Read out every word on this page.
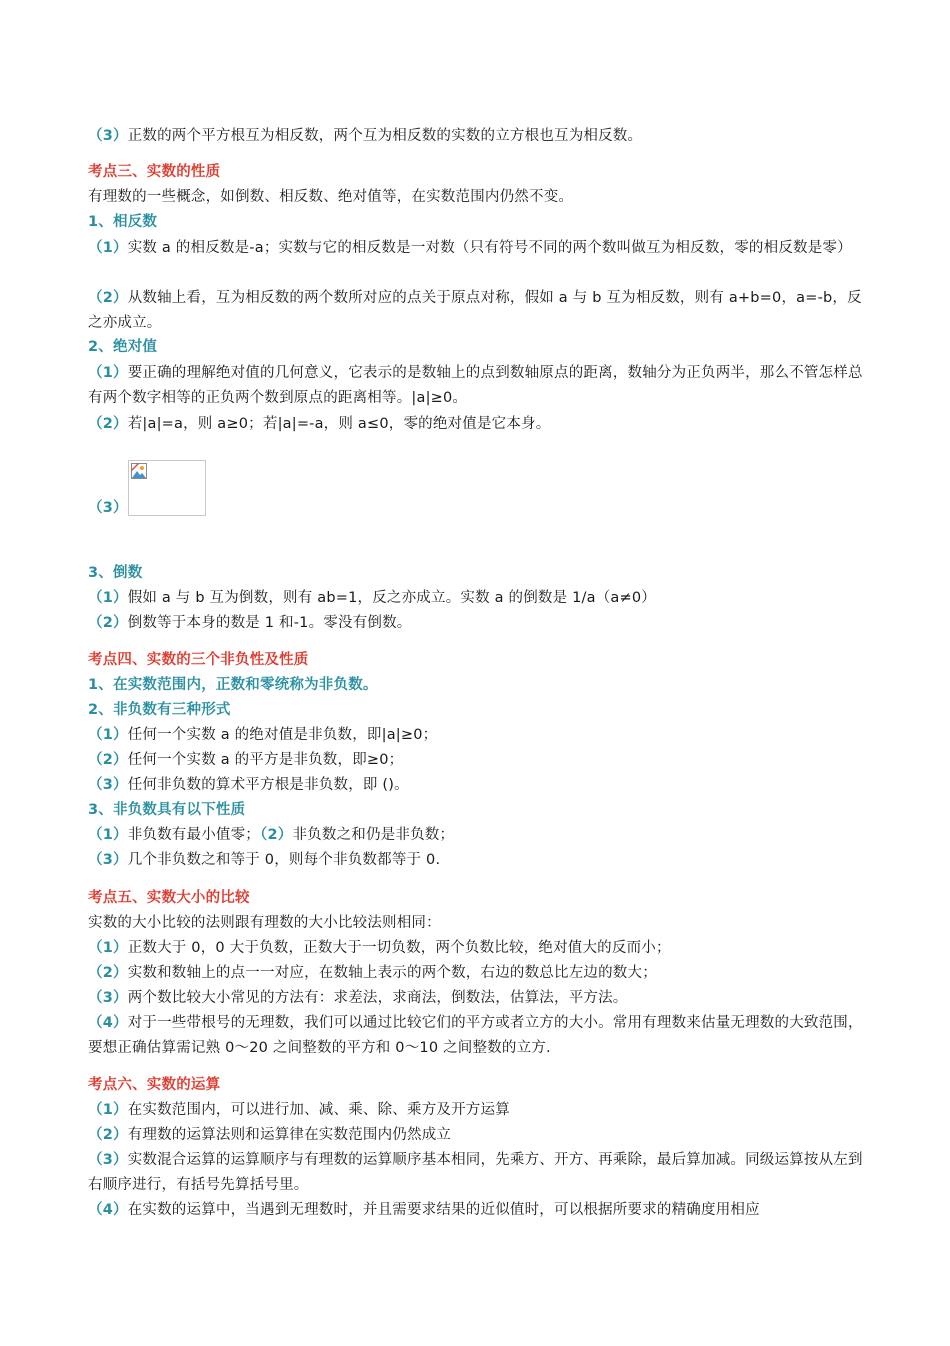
（3）正数的两个平方根互为相反数，两个互为相反数的实数的立方根也互为相反数。
考点三、实数的性质
有理数的一些概念，如倒数、相反数、绝对值等，在实数范围内仍然不变。
1、相反数
（1）实数 a 的相反数是-a；实数与它的相反数是一对数（只有符号不同的两个数叫做互为相反数，零的相反数是零）
（2）从数轴上看，互为相反数的两个数所对应的点关于原点对称，假如 a 与 b 互为相反数，则有 a+b=0，a=-b，反之亦成立。
2、绝对值
（1）要正确的理解绝对值的几何意义，它表示的是数轴上的点到数轴原点的距离，数轴分为正负两半，那么不管怎样总有两个数字相等的正负两个数到原点的距离相等。|a|≥0。
（2）若|a|=a，则 a≥0；若|a|=-a，则 a≤0，零的绝对值是它本身。
（3）
3、倒数
（1）假如 a 与 b 互为倒数，则有 ab=1，反之亦成立。实数 a 的倒数是 1/a（a≠0）
（2）倒数等于本身的数是 1 和-1。零没有倒数。
考点四、实数的三个非负性及性质
1、在实数范围内，正数和零统称为非负数。
2、非负数有三种形式
（1）任何一个实数 a 的绝对值是非负数，即|a|≥0；
（2）任何一个实数 a 的平方是非负数，即≥0；
（3）任何非负数的算术平方根是非负数，即 ()。
3、非负数具有以下性质
（1）非负数有最小值零；（2）非负数之和仍是非负数；
（3）几个非负数之和等于 0，则每个非负数都等于 0.
考点五、实数大小的比较
实数的大小比较的法则跟有理数的大小比较法则相同：
（1）正数大于 0，0 大于负数，正数大于一切负数，两个负数比较，绝对值大的反而小；
（2）实数和数轴上的点一一对应，在数轴上表示的两个数，右边的数总比左边的数大；
（3）两个数比较大小常见的方法有：求差法，求商法，倒数法，估算法，平方法。
（4）对于一些带根号的无理数，我们可以通过比较它们的平方或者立方的大小。常用有理数来估量无理数的大致范围，要想正确估算需记熟 0～20 之间整数的平方和 0～10 之间整数的立方.
考点六、实数的运算
（1）在实数范围内，可以进行加、减、乘、除、乘方及开方运算
（2）有理数的运算法则和运算律在实数范围内仍然成立
（3）实数混合运算的运算顺序与有理数的运算顺序基本相同，先乘方、开方、再乘除，最后算加减。同级运算按从左到右顺序进行，有括号先算括号里。
（4）在实数的运算中，当遇到无理数时，并且需要求结果的近似值时，可以根据所要求的精确度用相应
